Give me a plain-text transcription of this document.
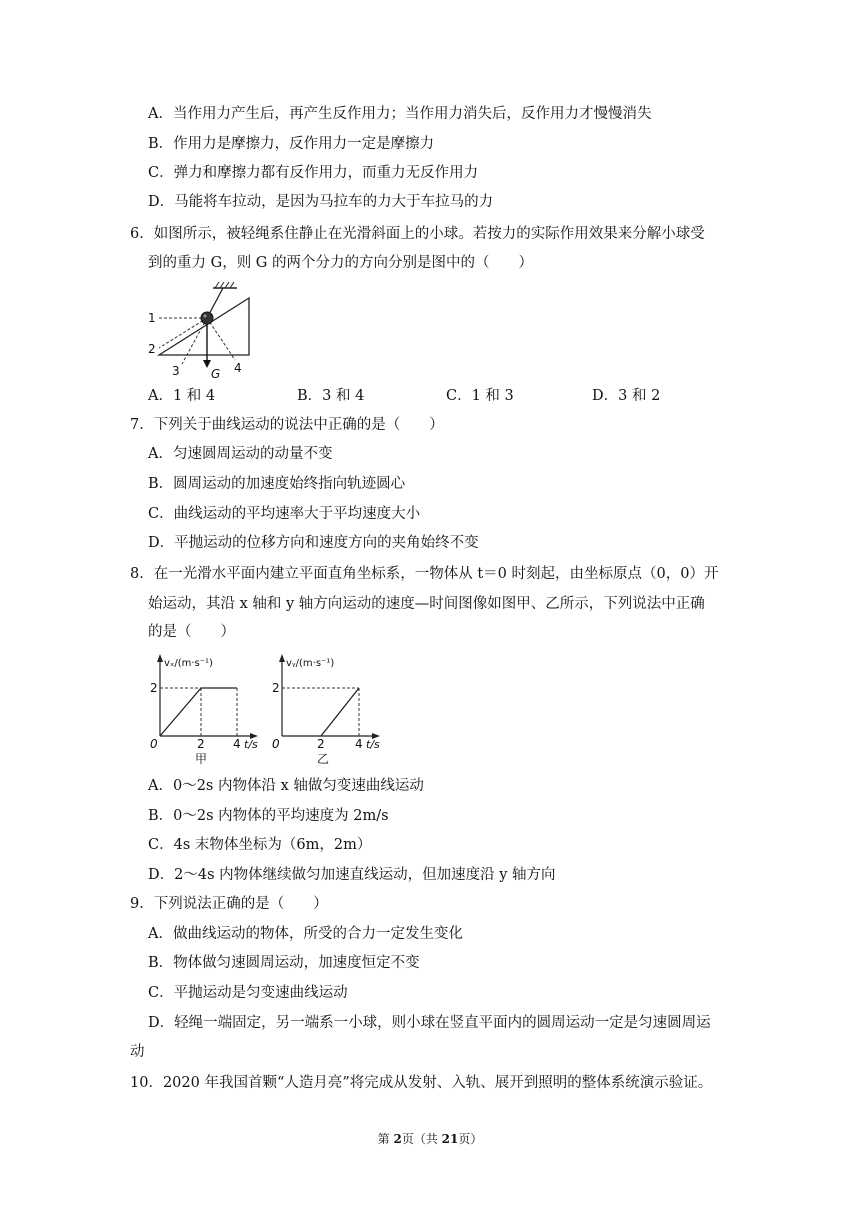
A．当作用力产生后，再产生反作用力；当作用力消失后，反作用力才慢慢消失
B．作用力是摩擦力，反作用力一定是摩擦力
C．弹力和摩擦力都有反作用力，而重力无反作用力
D．马能将车拉动，是因为马拉车的力大于车拉马的力
6．如图所示，被轻绳系住静止在光滑斜面上的小球。若按力的实际作用效果来分解小球受
到的重力 G，则 G 的两个分力的方向分别是图中的（　　）
1
2
3	4
G
A．1 和 4	B．3 和 4	C．1 和 3	D．3 和 2
7．下列关于曲线运动的说法中正确的是（　　）
A．匀速圆周运动的动量不变
B．圆周运动的加速度始终指向轨迹圆心
C．曲线运动的平均速率大于平均速度大小
D．平抛运动的位移方向和速度方向的夹角始终不变
8．在一光滑水平面内建立平面直角坐标系，一物体从 t＝0 时刻起，由坐标原点（0，0）开
始运动，其沿 x 轴和 y 轴方向运动的速度—时间图像如图甲、乙所示，下列说法中正确
的是（　　）
vₓ/(m·s⁻¹)
2
0	2 4 t/s
甲
vᵧ/(m·s⁻¹)
2
0	2	4 t/s
乙
A．0～2s 内物体沿 x 轴做匀变速曲线运动
B．0～2s 内物体的平均速度为 2m/s
C．4s 末物体坐标为（6m，2m）
D．2～4s 内物体继续做匀加速直线运动，但加速度沿 y 轴方向
9．下列说法正确的是（　　）
A．做曲线运动的物体，所受的合力一定发生变化
B．物体做匀速圆周运动，加速度恒定不变
C．平抛运动是匀变速曲线运动
D．轻绳一端固定，另一端系一小球，则小球在竖直平面内的圆周运动一定是匀速圆周运
动
10．2020 年我国首颗“人造月亮”将完成从发射、入轨、展开到照明的整体系统演示验证。
第 2页（共 21页）
